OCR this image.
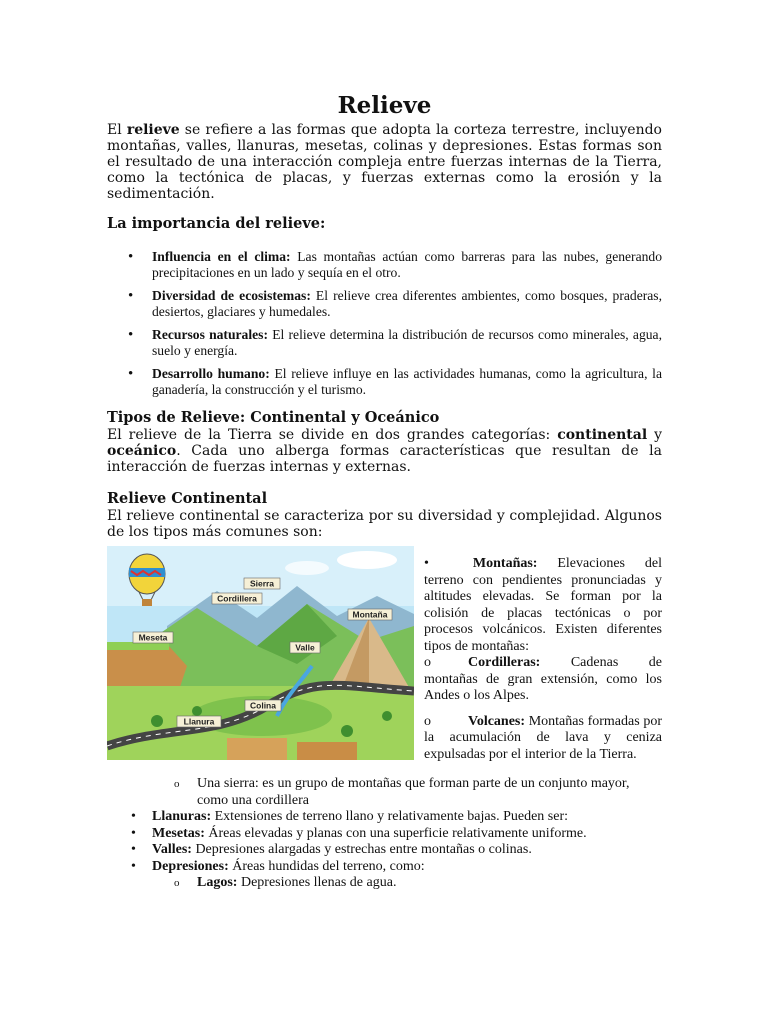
Relieve

El relieve se refiere a las formas que adopta la corteza terrestre, incluyendo montañas, valles, llanuras, mesetas, colinas y depresiones. Estas formas son el resultado de una interacción compleja entre fuerzas internas de la Tierra, como la tectónica de placas, y fuerzas externas como la erosión y la sedimentación.

La importancia del relieve:
• Influencia en el clima: Las montañas actúan como barreras para las nubes, generando precipitaciones en un lado y sequía en el otro.
• Diversidad de ecosistemas: El relieve crea diferentes ambientes, como bosques, praderas, desiertos, glaciares y humedales.
• Recursos naturales: El relieve determina la distribución de recursos como minerales, agua, suelo y energía.
• Desarrollo humano: El relieve influye en las actividades humanas, como la agricultura, la ganadería, la construcción y el turismo.
Tipos de Relieve: Continental y Oceánico

El relieve de la Tierra se divide en dos grandes categorías: continental y oceánico. Cada uno alberga formas características que resultan de la interacción de fuerzas internas y externas.

Relieve Continental

El relieve continental se caracteriza por su diversidad y complejidad. Algunos de los tipos más comunes son:

Sierra
Cordillera
Montaña
Meseta
Valle
Colina
Llanura
•	Montañas: Elevaciones del terreno con pendientes pronunciadas y altitudes elevadas. Se forman por la colisión de placas tectónicas o por procesos volcánicos. Existen diferentes tipos de montañas:
o	Cordilleras: Cadenas de montañas de gran extensión, como los Andes o los Alpes.
o	Volcanes: Montañas formadas por la acumulación de lava y ceniza expulsadas por el interior de la Tierra.
o Una sierra: es un grupo de montañas que forman parte de un conjunto mayor, como una cordillera
• Llanuras: Extensiones de terreno llano y relativamente bajas. Pueden ser:
• Mesetas: Áreas elevadas y planas con una superficie relativamente uniforme.
• Valles: Depresiones alargadas y estrechas entre montañas o colinas.
• Depresiones: Áreas hundidas del terreno, como:
o Lagos: Depresiones llenas de agua.
